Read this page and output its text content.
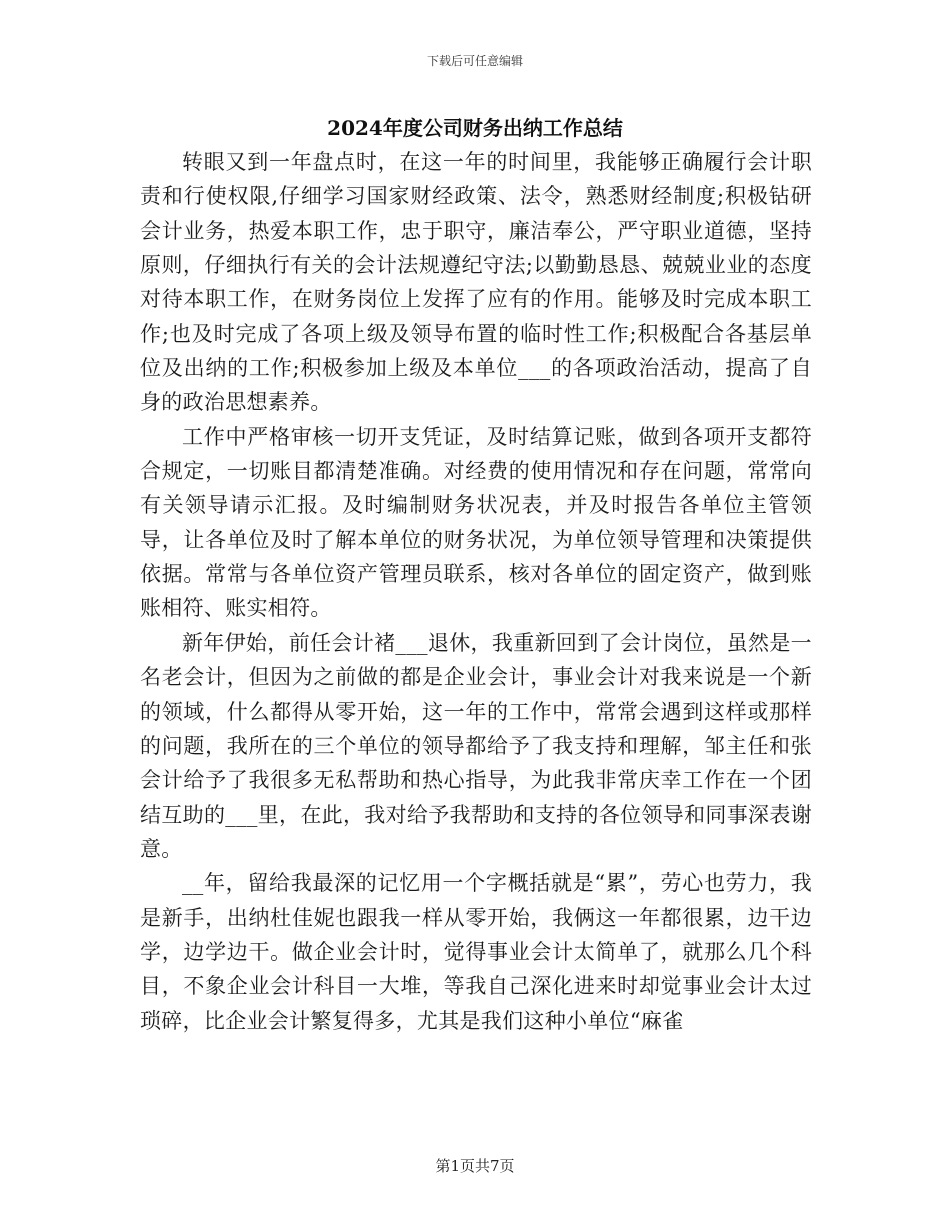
下载后可任意编辑
2024年度公司财务出纳工作总结

转眼又到一年盘点时，在这一年的时间里，我能够正确履行会计职责和行使权限,仔细学习国家财经政策、法令，熟悉财经制度;积极钻研会计业务，热爱本职工作，忠于职守，廉洁奉公，严守职业道德，坚持原则，仔细执行有关的会计法规遵纪守法;以勤勤恳恳、兢兢业业的态度对待本职工作，在财务岗位上发挥了应有的作用。能够及时完成本职工作;也及时完成了各项上级及领导布置的临时性工作;积极配合各基层单位及出纳的工作;积极参加上级及本单位___的各项政治活动，提高了自身的政治思想素养。

工作中严格审核一切开支凭证，及时结算记账，做到各项开支都符合规定，一切账目都清楚准确。对经费的使用情况和存在问题，常常向有关领导请示汇报。及时编制财务状况表，并及时报告各单位主管领导，让各单位及时了解本单位的财务状况，为单位领导管理和决策提供依据。常常与各单位资产管理员联系，核对各单位的固定资产，做到账账相符、账实相符。

新年伊始，前任会计褚___退休，我重新回到了会计岗位，虽然是一名老会计，但因为之前做的都是企业会计，事业会计对我来说是一个新的领域，什么都得从零开始，这一年的工作中，常常会遇到这样或那样的问题，我所在的三个单位的领导都给予了我支持和理解，邹主任和张会计给予了我很多无私帮助和热心指导，为此我非常庆幸工作在一个团结互助的___里，在此，我对给予我帮助和支持的各位领导和同事深表谢意。

__年，留给我最深的记忆用一个字概括就是“累”，劳心也劳力，我是新手，出纳杜佳妮也跟我一样从零开始，我俩这一年都很累，边干边学，边学边干。做企业会计时，觉得事业会计太简单了，就那么几个科目，不象企业会计科目一大堆，等我自己深化进来时却觉事业会计太过琐碎，比企业会计繁复得多，尤其是我们这种小单位“麻雀

第1页共7页
